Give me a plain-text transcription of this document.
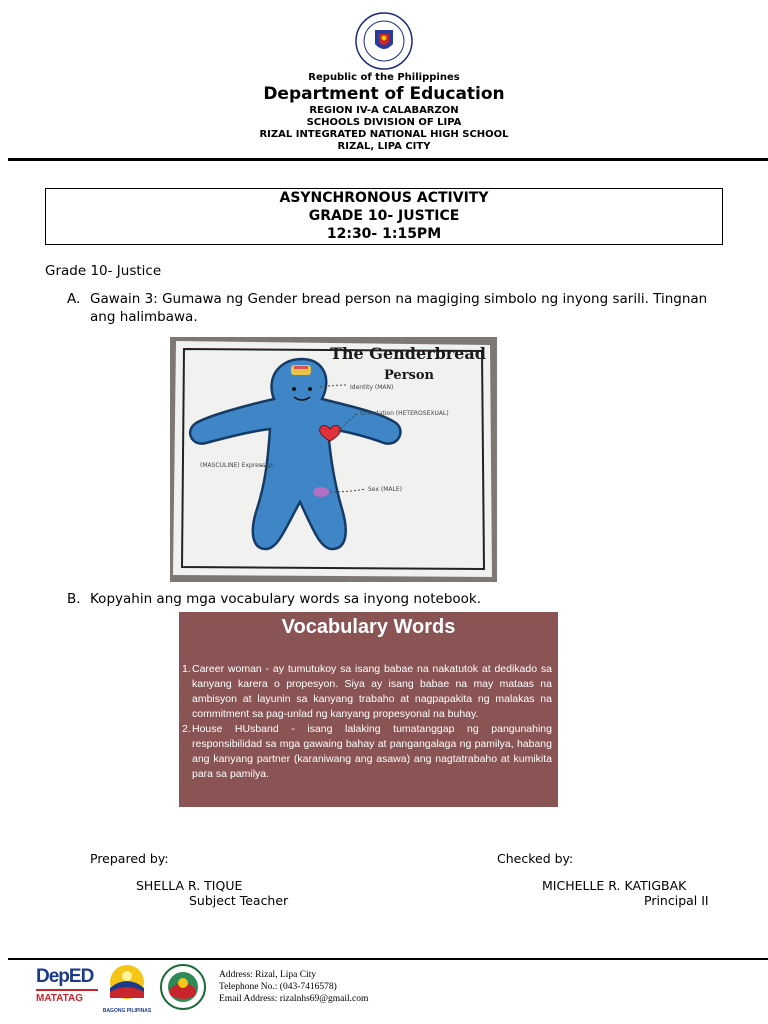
Republic of the Philippines
Department of Education
REGION IV-A CALABARZON
SCHOOLS DIVISION OF LIPA
RIZAL INTEGRATED NATIONAL HIGH SCHOOL
RIZAL, LIPA CITY
ASYNCHRONOUS ACTIVITY
GRADE 10- JUSTICE
12:30- 1:15PM
Grade 10- Justice
A. Gawain 3: Gumawa ng Gender bread person na magiging simbolo ng inyong sarili. Tingnan
ang halimbawa.
The Genderbread
Person
Identity (MAN)
Orientation (HETEROSEXUAL)
(MASCULINE) Expression
Sex (MALE)
B. Kopyahin ang mga vocabulary words sa inyong notebook.
Vocabulary Words
1. Career woman - ay tumutukoy sa isang babae na nakatutok at dedikado sa kanyang karera o propesyon. Siya ay isang babae na may mataas na ambisyon at layunin sa kanyang trabaho at nagpapakita ng malakas na commitment sa pag-unlad ng kanyang propesyonal na buhay.
2. House HUsband - isang lalaking tumatanggap ng pangunahing responsibilidad sa mga gawaing bahay at pangangalaga ng pamilya, habang ang kanyang partner (karaniwang ang asawa) ang nagtatrabaho at kumikita para sa pamilya.
Prepared by:
SHELLA R. TIQUE
Subject Teacher
Checked by:
MICHELLE R. KATIGBAK
Principal II
DepED
MATATAG
BAGONG PILIPINAS
Address: Rizal, Lipa City
Telephone No.: (043-7416578)
Email Address: rizalnhs69@gmail.com
